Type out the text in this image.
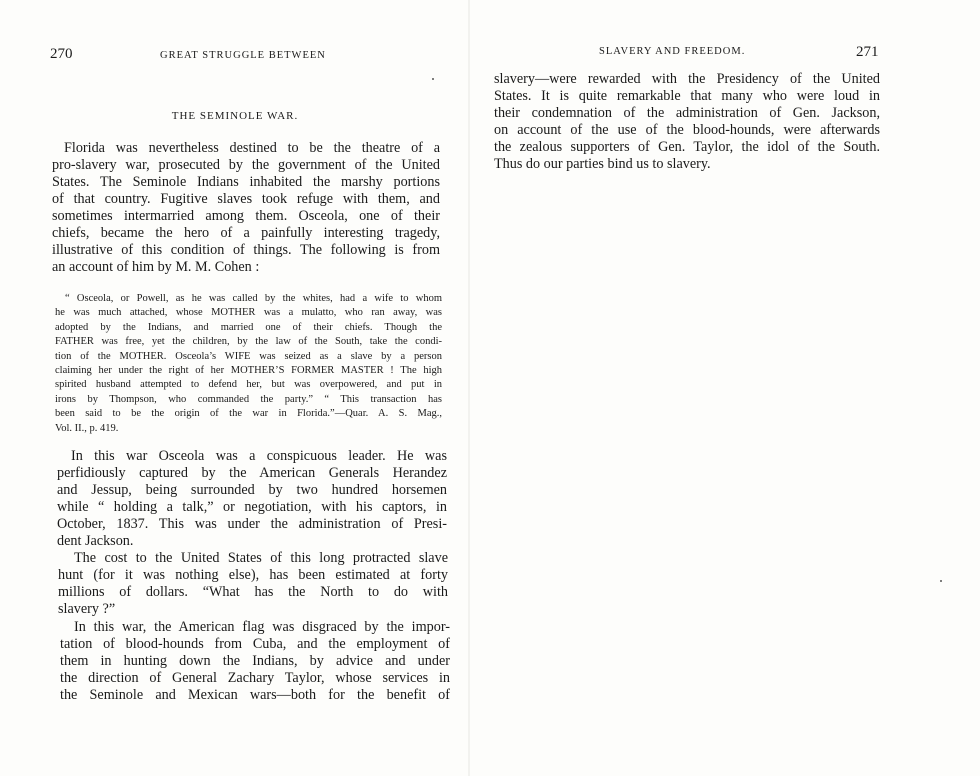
270	GREAT STRUGGLE BETWEEN
THE SEMINOLE WAR.
Florida was nevertheless destined to be the theatre of a
pro-slavery war, prosecuted by the government of the United
States. The Seminole Indians inhabited the marshy portions
of that country. Fugitive slaves took refuge with them, and
sometimes intermarried among them. Osceola, one of their
chiefs, became the hero of a painfully interesting tragedy,
illustrative of this condition of things. The following is from
an account of him by M. M. Cohen :
“ Osceola, or Powell, as he was called by the whites, had a wife to whom
he was much attached, whose MOTHER was a mulatto, who ran away, was
adopted by the Indians, and married one of their chiefs. Though the
FATHER was free, yet the children, by the law of the South, take the condi-
tion of the MOTHER. Osceola’s WIFE was seized as a slave by a person
claiming her under the right of her MOTHER’S FORMER MASTER ! The high
spirited husband attempted to defend her, but was overpowered, and put in
irons by Thompson, who commanded the party.” “ This transaction has
been said to be the origin of the war in Florida.”—Quar. A. S. Mag.,
Vol. II., p. 419.
In this war Osceola was a conspicuous leader. He was
perfidiously captured by the American Generals Herandez
and Jessup, being surrounded by two hundred horsemen
while “ holding a talk,” or negotiation, with his captors, in
October, 1837. This was under the administration of Presi-
dent Jackson.
The cost to the United States of this long protracted slave
hunt (for it was nothing else), has been estimated at forty
millions of dollars. “What has the North to do with
slavery ?”
In this war, the American flag was disgraced by the impor-
tation of blood-hounds from Cuba, and the employment of
them in hunting down the Indians, by advice and under
the direction of General Zachary Taylor, whose services in
the Seminole and Mexican wars—both for the benefit of
SLAVERY AND FREEDOM.	271
slavery—were rewarded with the Presidency of the United
States. It is quite remarkable that many who were loud in
their condemnation of the administration of Gen. Jackson,
on account of the use of the blood-hounds, were afterwards
the zealous supporters of Gen. Taylor, the idol of the South.
Thus do our parties bind us to slavery.
